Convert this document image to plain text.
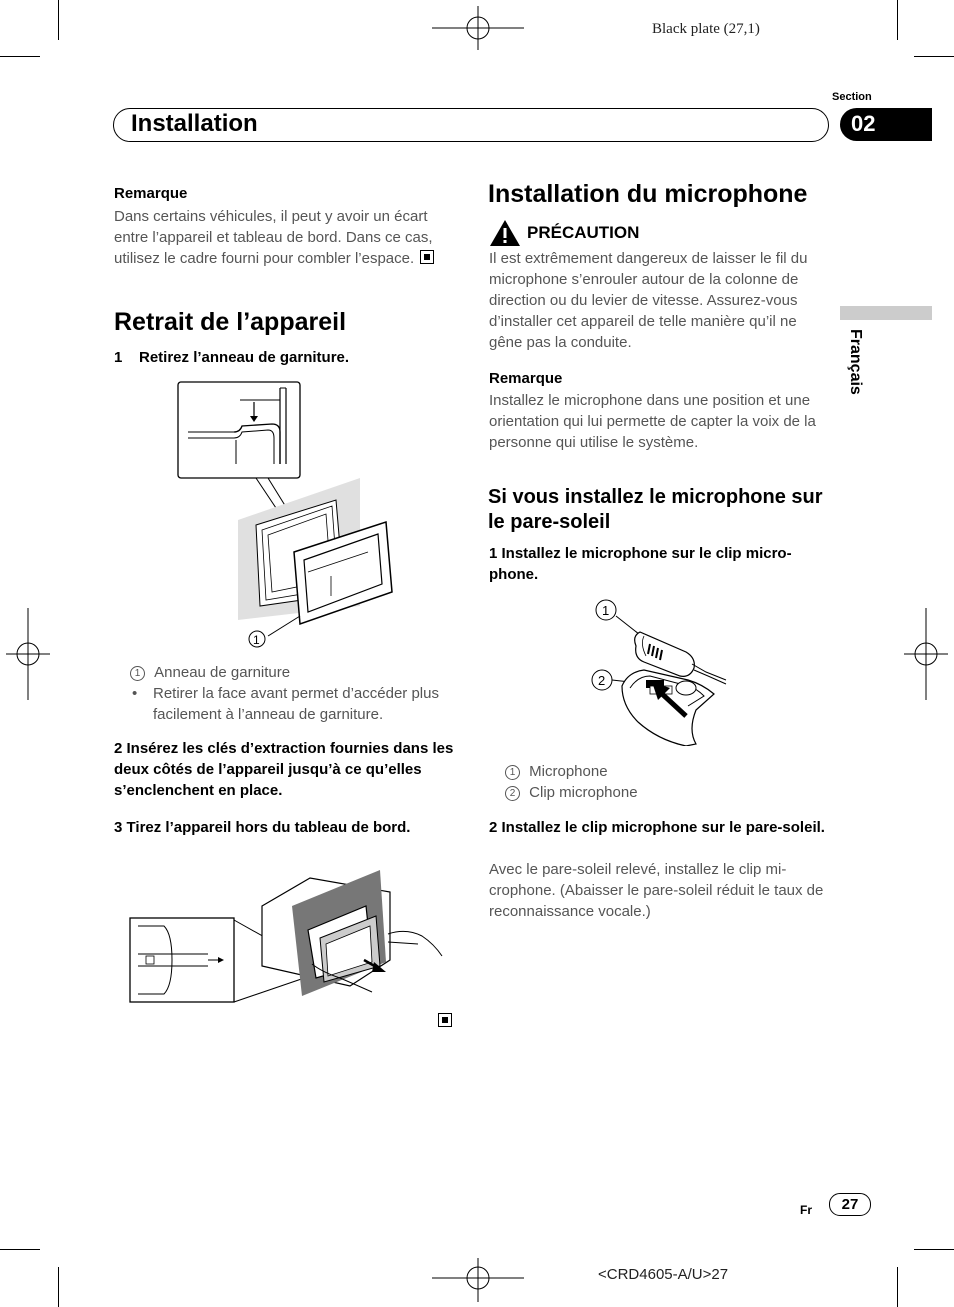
Black plate (27,1)
Section
Installation	02
Français
Remarque
Dans certains véhicules, il peut y avoir un écart entre l’appareil et tableau de bord. Dans ce cas, utilisez le cadre fourni pour combler l’espace.
Retrait de l’appareil
1    Retirez l’anneau de garniture.
1
1 Anneau de garniture
• Retirer la face avant permet d’accéder plus facilement à l’anneau de garniture.
2 Insérez les clés d’extraction fournies dans les deux côtés de l’appareil jusqu’à ce qu’elles s’enclenchent en place.
3 Tirez l’appareil hors du tableau de bord.
Installation du microphone
PRÉCAUTION
Il est extrêmement dangereux de laisser le fil du microphone s’enrouler autour de la colonne de direction ou du levier de vitesse. Assurez-vous d’installer cet appareil de telle manière qu’il ne gêne pas la conduite.
Remarque
Installez le microphone dans une position et une orientation qui lui permette de capter la voix de la personne qui utilise le système.
Si vous installez le microphone sur le pare-soleil
1 Installez le microphone sur le clip micro-phone.
1
2
1 Microphone
2 Clip microphone
2 Installez le clip microphone sur le pare-soleil.
Avec le pare-soleil relevé, installez le clip mi-crophone. (Abaisser le pare-soleil réduit le taux de reconnaissance vocale.)
Fr	27
<CRD4605-A/U>27
